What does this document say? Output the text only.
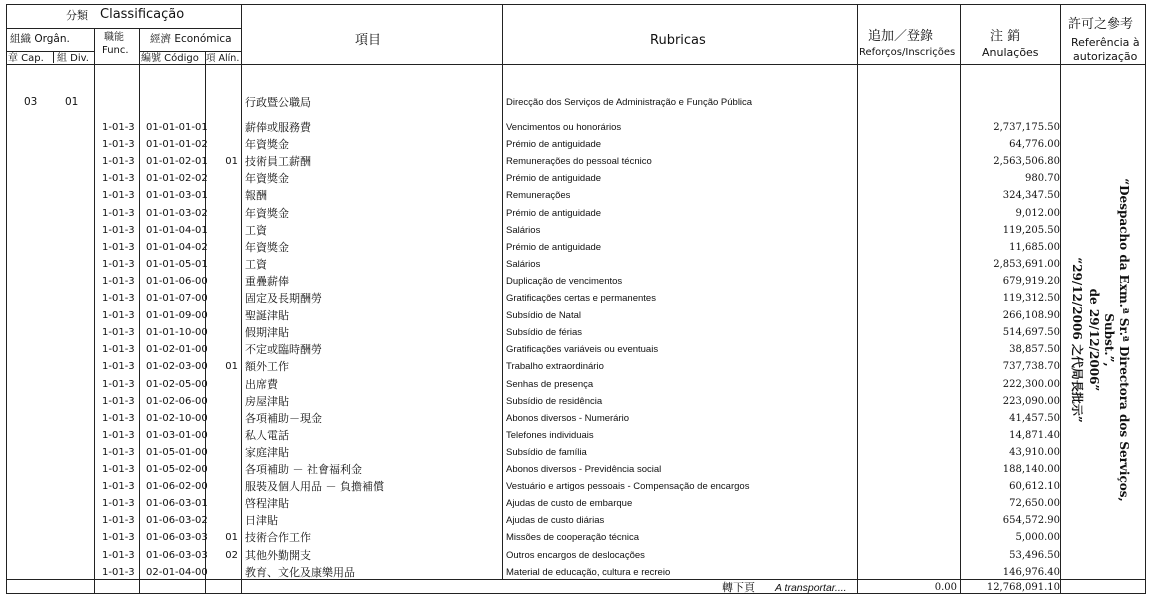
分類 Classificação
組織 Orgân.
章 Cap. 組 Div.
職能
Func.
經濟 Económica
編號 Código 項 Alín.
項目	Rubricas	追加／登錄
Reforços/Inscrições
注 銷
Anulações
許可之參考
Referência à
autorização
03	01	行政暨公職局	Direcção dos Serviços de Administração e Função Pública
1-01-3 01-01-01-01	薪俸或服務費	Vencimentos ou honorários	2,737,175.50
1-01-3 01-01-01-02	年資獎金	Prémio de antiguidade	64,776.00
1-01-3 01-01-02-01	01 技術員工薪酬	Remunerações do pessoal técnico	2,563,506.80
1-01-3 01-01-02-02	年資獎金	Prémio de antiguidade	980.70
1-01-3 01-01-03-01	報酬	Remunerações	324,347.50
1-01-3 01-01-03-02	年資獎金	Prémio de antiguidade	9,012.00
1-01-3 01-01-04-01	工資	Salários	119,205.50
1-01-3 01-01-04-02	年資獎金	Prémio de antiguidade	11,685.00
1-01-3 01-01-05-01	工資	Salários	2,853,691.00
1-01-3 01-01-06-00	重疊薪俸	Duplicação de vencimentos	679,919.20
1-01-3 01-01-07-00	固定及長期酬勞	Gratificações certas e permanentes	119,312.50
1-01-3 01-01-09-00	聖誕津貼	Subsídio de Natal	266,108.90
1-01-3 01-01-10-00	假期津貼	Subsídio de férias	514,697.50
1-01-3 01-02-01-00	不定或臨時酬勞	Gratificações variáveis ou eventuais	38,857.50
1-01-3 01-02-03-00	01 額外工作	Trabalho extraordinário	737,738.70
1-01-3 01-02-05-00	出席費	Senhas de presença	222,300.00
1-01-3 01-02-06-00	房屋津貼	Subsídio de residência	223,090.00
1-01-3 01-02-10-00	各項補助－現金	Abonos diversos - Numerário	41,457.50
1-01-3 01-03-01-00	私人電話	Telefones individuais	14,871.40
1-01-3 01-05-01-00	家庭津貼	Subsídio de família	43,910.00
1-01-3 01-05-02-00	各項補助 － 社會福利金	Abonos diversos - Previdência social	188,140.00
1-01-3 01-06-02-00	服裝及個人用品 － 負擔補償	Vestuário e artigos pessoais - Compensação de encargos	60,612.10
1-01-3 01-06-03-01	啓程津貼	Ajudas de custo de embarque	72,650.00
1-01-3 01-06-03-02	日津貼	Ajudas de custo diárias	654,572.90
1-01-3 01-06-03-03	01 技術合作工作	Missões de cooperação técnica	5,000.00
1-01-3 01-06-03-03	02 其他外勤開支	Outros encargos de deslocações	53,496.50
1-01-3 02-01-04-00	教育、文化及康樂用品	Material de educação, cultura e recreio	146,976.40
轉下頁 A transportar....	0.00	12,768,091.10
“Despacho da Exm.ª Sr.ª Directora dos Serviços, Subst.”,
de 29/12/2006”
“29/12/2006 之代局長批示”
